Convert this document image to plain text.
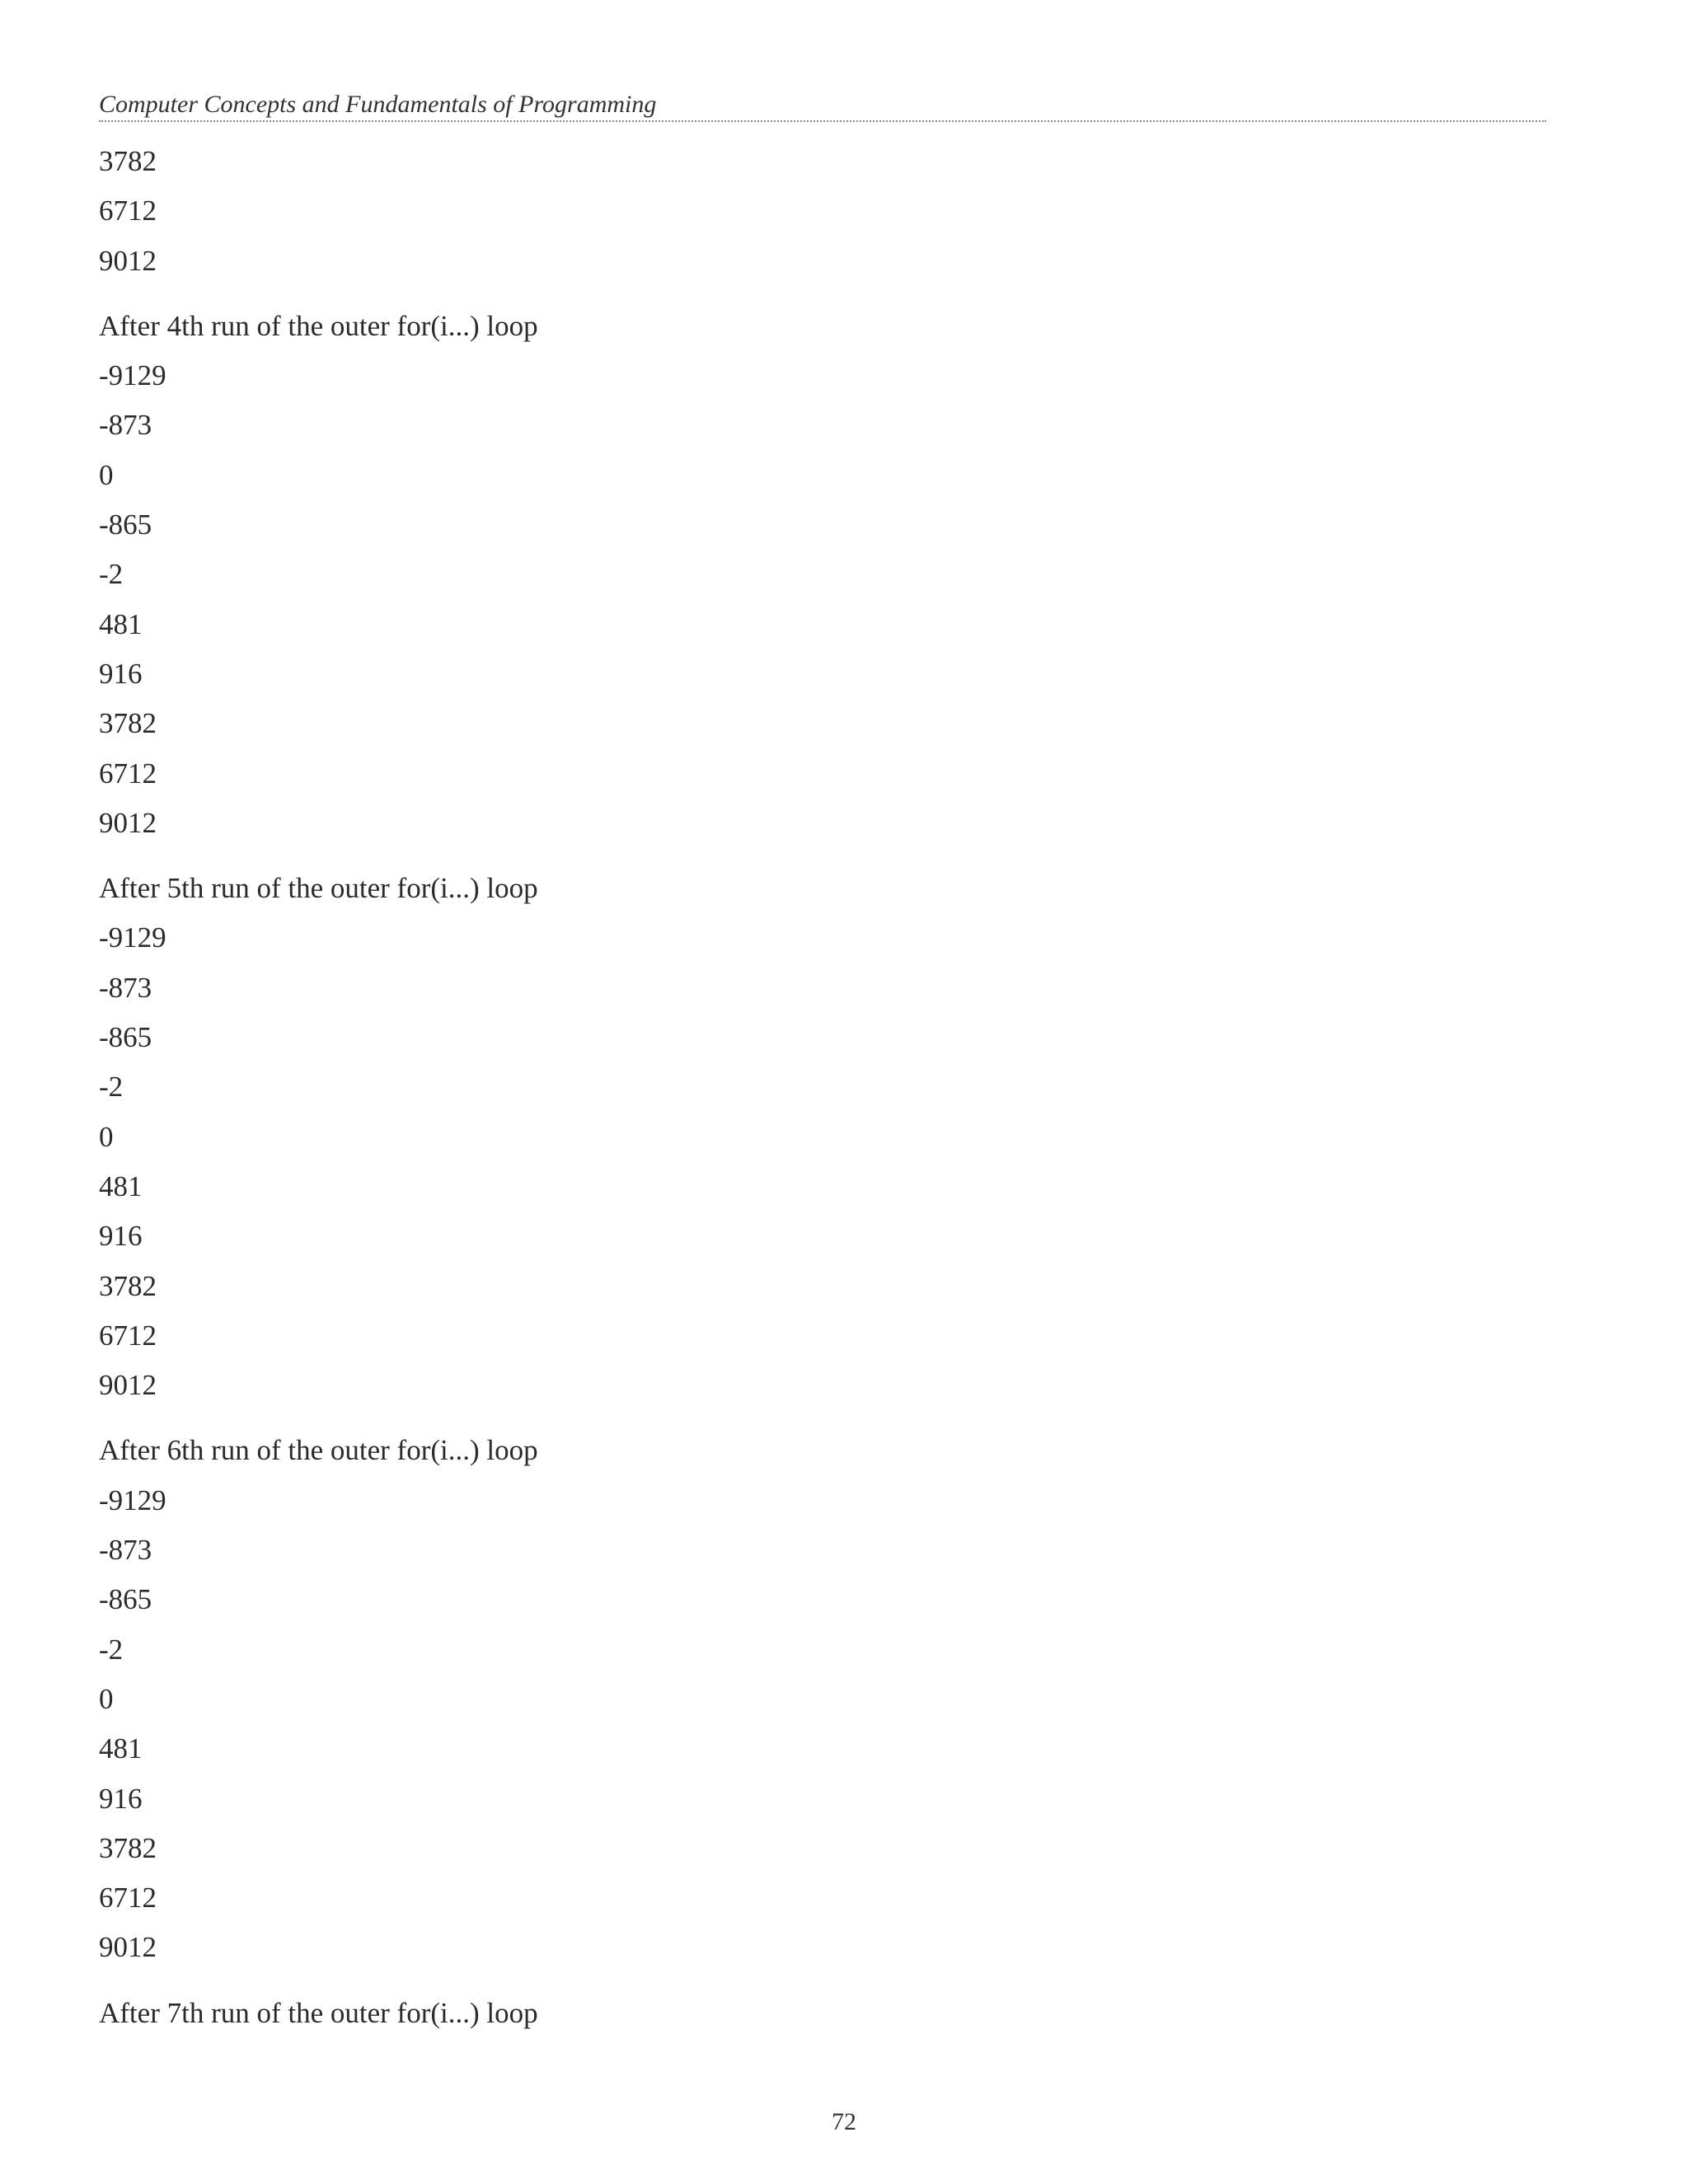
Computer Concepts and Fundamentals of Programming
3782
6712
9012
After 4th run of the outer for(i...) loop
-9129
-873
0
-865
-2
481
916
3782
6712
9012
After 5th run of the outer for(i...) loop
-9129
-873
-865
-2
0
481
916
3782
6712
9012
After 6th run of the outer for(i...) loop
-9129
-873
-865
-2
0
481
916
3782
6712
9012
After 7th run of the outer for(i...) loop
72
